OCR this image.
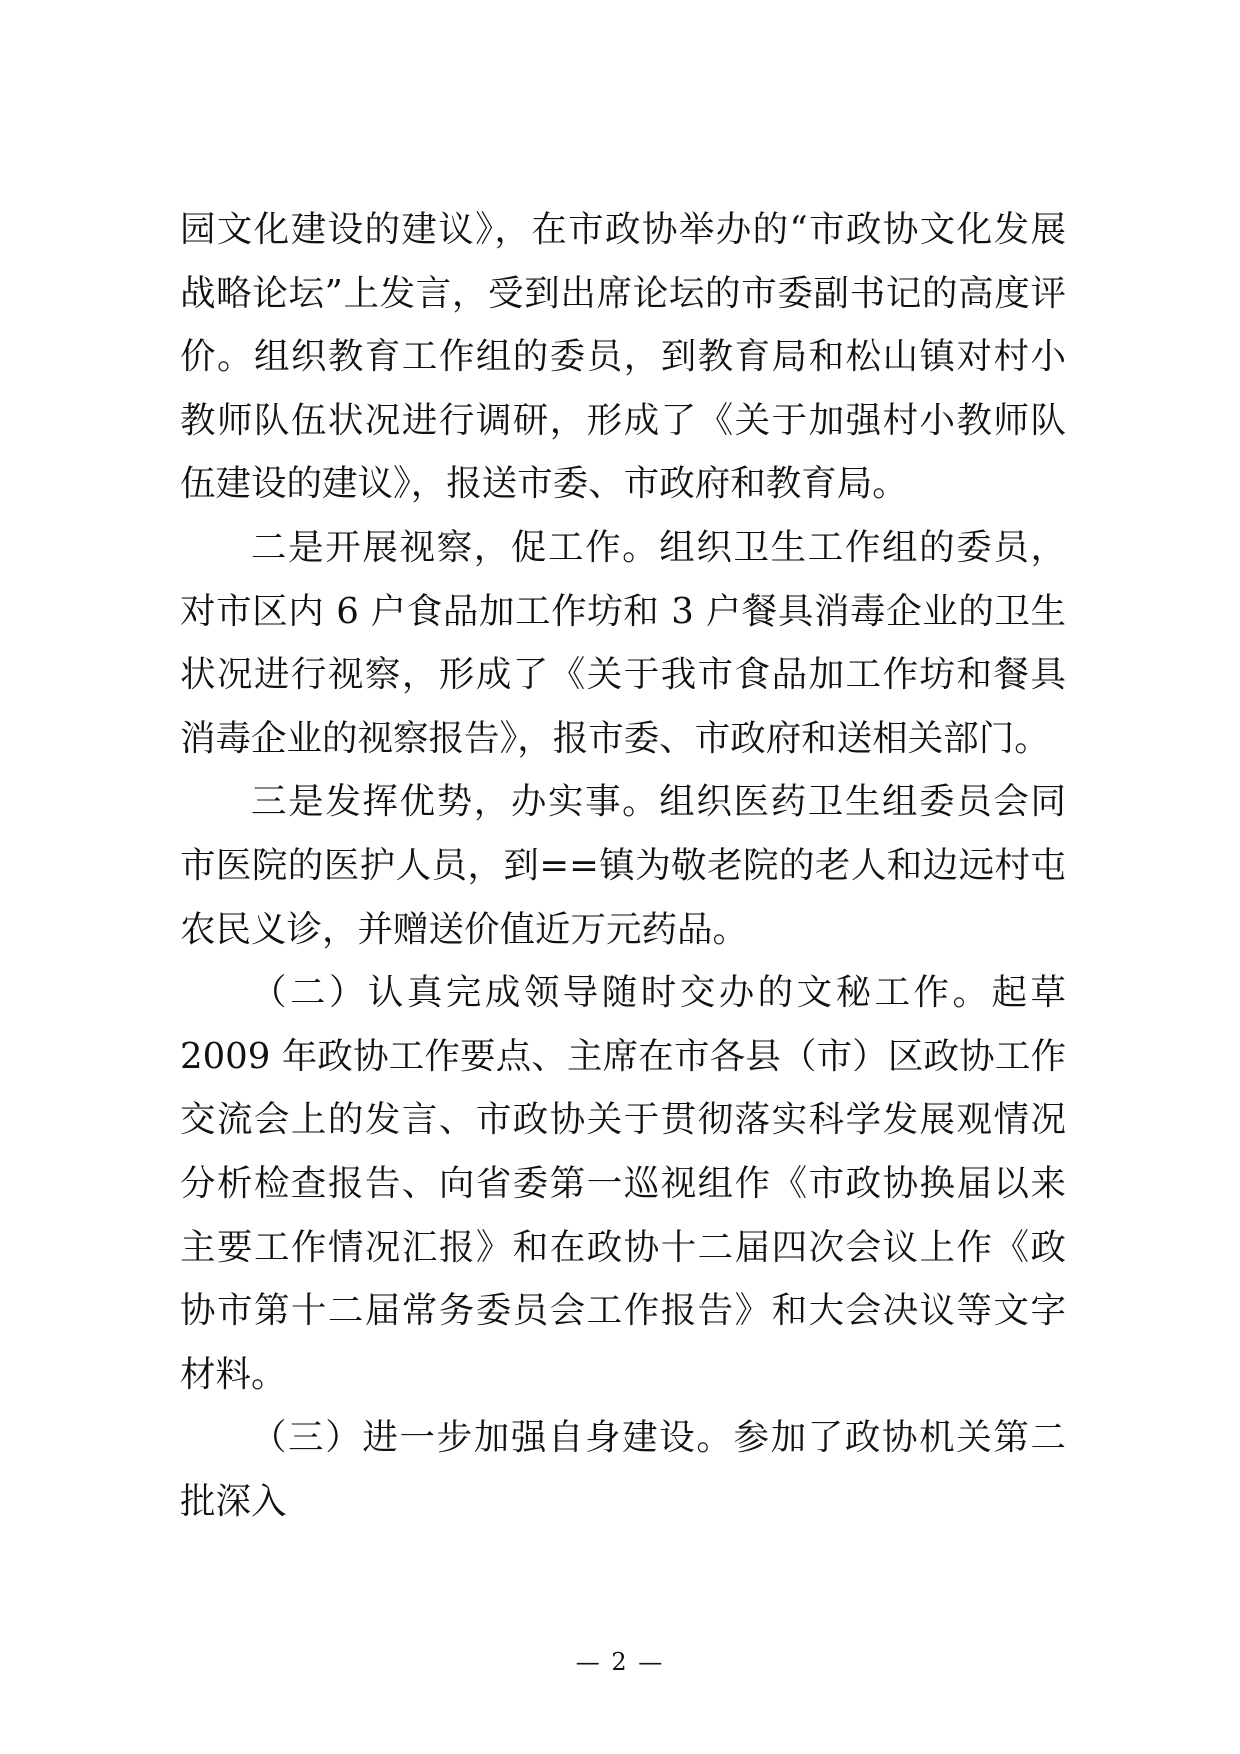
园文化建设的建议》，在市政协举办的“市政协文化发展战略论坛”上发言，受到出席论坛的市委副书记的高度评价。组织教育工作组的委员，到教育局和松山镇对村小教师队伍状况进行调研，形成了《关于加强村小教师队伍建设的建议》，报送市委、市政府和教育局。

二是开展视察，促工作。组织卫生工作组的委员，对市区内 6 户食品加工作坊和 3 户餐具消毒企业的卫生状况进行视察，形成了《关于我市食品加工作坊和餐具消毒企业的视察报告》，报市委、市政府和送相关部门。

三是发挥优势，办实事。组织医药卫生组委员会同市医院的医护人员，到==镇为敬老院的老人和边远村屯农民义诊，并赠送价值近万元药品。

（二）认真完成领导随时交办的文秘工作。起草 2009 年政协工作要点、主席在市各县（市）区政协工作交流会上的发言、市政协关于贯彻落实科学发展观情况分析检查报告、向省委第一巡视组作《市政协换届以来主要工作情况汇报》和在政协十二届四次会议上作《政协市第十二届常务委员会工作报告》和大会决议等文字材料。

（三）进一步加强自身建设。参加了政协机关第二批深入

— 2 —
